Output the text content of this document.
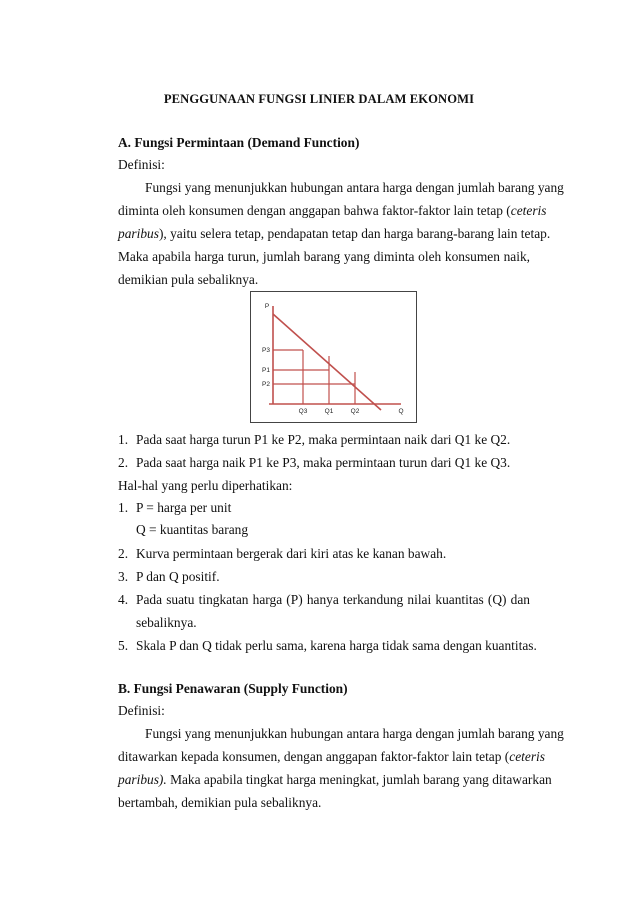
PENGGUNAAN FUNGSI LINIER DALAM EKONOMI
A. Fungsi Permintaan (Demand Function)
Definisi:
Fungsi yang menunjukkan hubungan antara harga dengan jumlah barang yang
diminta oleh konsumen dengan anggapan bahwa faktor-faktor lain tetap (ceteris
paribus), yaitu selera tetap, pendapatan tetap dan harga barang-barang lain tetap.
Maka apabila harga turun, jumlah barang yang diminta oleh konsumen naik,
demikian pula sebaliknya.
P
Q
P3
P1
P2
Q3	Q1	Q2
1. Pada saat harga turun P1 ke P2, maka permintaan naik dari Q1 ke Q2.
2. Pada saat harga naik P1 ke P3, maka permintaan turun dari Q1 ke Q3.
Hal-hal yang perlu diperhatikan:
1. P = harga per unit
Q = kuantitas barang
2. Kurva permintaan bergerak dari kiri atas ke kanan bawah.
3. P dan Q positif.
4. Pada suatu tingkatan harga (P) hanya terkandung nilai kuantitas (Q) dan
sebaliknya.
5. Skala P dan Q tidak perlu sama, karena harga tidak sama dengan kuantitas.
B. Fungsi Penawaran (Supply Function)
Definisi:
Fungsi yang menunjukkan hubungan antara harga dengan jumlah barang yang
ditawarkan kepada konsumen, dengan anggapan faktor-faktor lain tetap (ceteris
paribus). Maka apabila tingkat harga meningkat, jumlah barang yang ditawarkan
bertambah, demikian pula sebaliknya.
